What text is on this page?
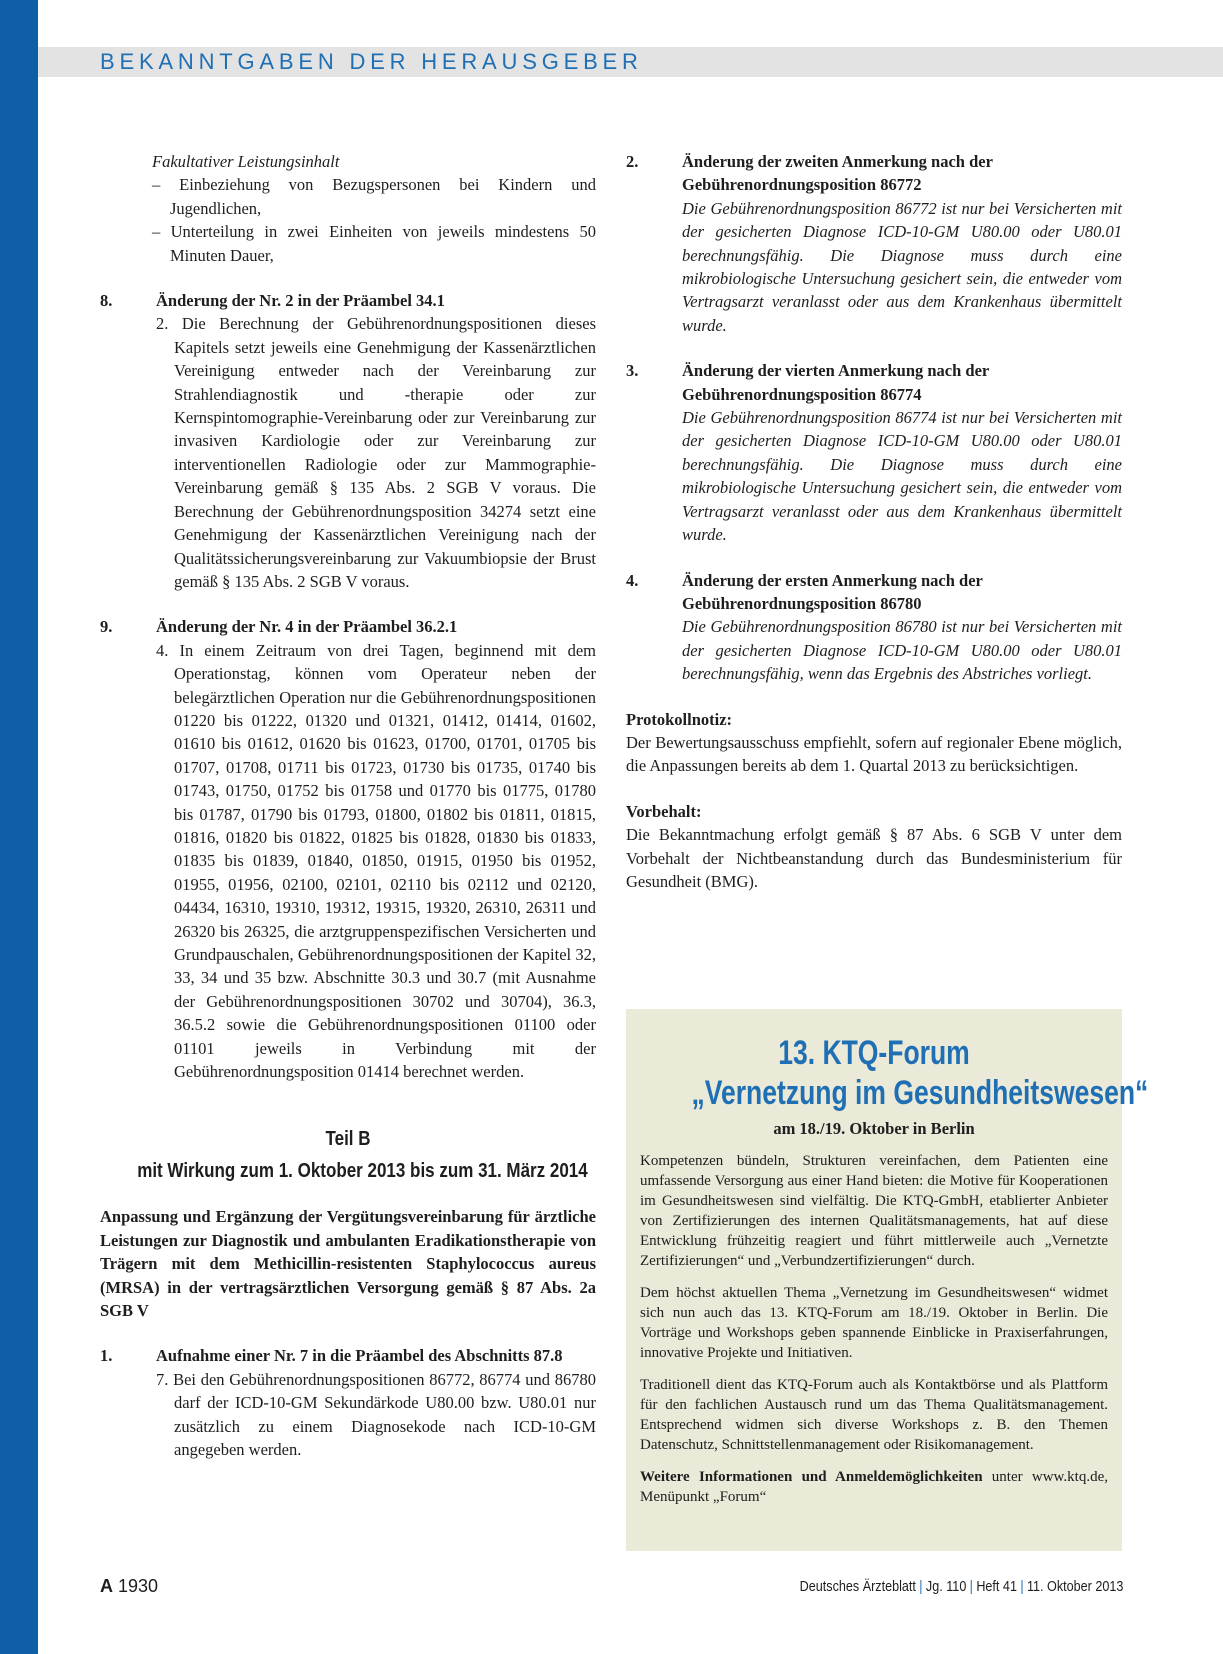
BEKANNTGABEN DER HERAUSGEBER
Fakultativer Leistungsinhalt
– Einbeziehung von Bezugspersonen bei Kindern und Jugendlichen,
– Unterteilung in zwei Einheiten von jeweils mindestens 50 Minuten Dauer,
8.	Änderung der Nr. 2 in der Präambel 34.1
2. Die Berechnung der Gebührenordnungspositionen dieses Kapitels setzt jeweils eine Genehmigung der Kassenärztlichen Vereinigung entweder nach der Vereinbarung zur Strahlendiagnostik und -therapie oder zur Kernspintomographie-Vereinbarung oder zur Vereinbarung zur invasiven Kardiologie oder zur Vereinbarung zur interventionellen Radiologie oder zur Mammographie-Vereinbarung gemäß § 135 Abs. 2 SGB V voraus. Die Berechnung der Gebührenordnungsposition 34274 setzt eine Genehmigung der Kassenärztlichen Vereinigung nach der Qualitätssicherungsvereinbarung zur Vakuumbiopsie der Brust gemäß § 135 Abs. 2 SGB V voraus.
9.	Änderung der Nr. 4 in der Präambel 36.2.1
4. In einem Zeitraum von drei Tagen, beginnend mit dem Operationstag, können vom Operateur neben der belegärztlichen Operation nur die Gebührenordnungspositionen 01220 bis 01222, 01320 und 01321, 01412, 01414, 01602, 01610 bis 01612, 01620 bis 01623, 01700, 01701, 01705 bis 01707, 01708, 01711 bis 01723, 01730 bis 01735, 01740 bis 01743, 01750, 01752 bis 01758 und 01770 bis 01775, 01780 bis 01787, 01790 bis 01793, 01800, 01802 bis 01811, 01815, 01816, 01820 bis 01822, 01825 bis 01828, 01830 bis 01833, 01835 bis 01839, 01840, 01850, 01915, 01950 bis 01952, 01955, 01956, 02100, 02101, 02110 bis 02112 und 02120, 04434, 16310, 19310, 19312, 19315, 19320, 26310, 26311 und 26320 bis 26325, die arztgruppenspezifischen Versicherten und Grundpauschalen, Gebührenordnungspositionen der Kapitel 32, 33, 34 und 35 bzw. Abschnitte 30.3 und 30.7 (mit Ausnahme der Gebührenordnungspositionen 30702 und 30704), 36.3, 36.5.2 sowie die Gebührenordnungspositionen 01100 oder 01101 jeweils in Verbindung mit der Gebührenordnungsposition 01414 berechnet werden.
Teil B
mit Wirkung zum 1. Oktober 2013 bis zum 31. März 2014
Anpassung und Ergänzung der Vergütungsvereinbarung für ärztliche Leistungen zur Diagnostik und ambulanten Eradikationstherapie von Trägern mit dem Methicillin-resistenten Staphylococcus aureus (MRSA) in der vertragsärztlichen Versorgung gemäß § 87 Abs. 2a SGB V
1.	Aufnahme einer Nr. 7 in die Präambel des Abschnitts 87.8
7. Bei den Gebührenordnungspositionen 86772, 86774 und 86780 darf der ICD-10-GM Sekundärkode U80.00 bzw. U80.01 nur zusätzlich zu einem Diagnosekode nach ICD-10-GM angegeben werden.
2.	Änderung der zweiten Anmerkung nach der Gebührenordnungsposition 86772
Die Gebührenordnungsposition 86772 ist nur bei Versicherten mit der gesicherten Diagnose ICD-10-GM U80.00 oder U80.01 berechnungsfähig. Die Diagnose muss durch eine mikrobiologische Untersuchung gesichert sein, die entweder vom Vertragsarzt veranlasst oder aus dem Krankenhaus übermittelt wurde.
3.	Änderung der vierten Anmerkung nach der Gebührenordnungsposition 86774
Die Gebührenordnungsposition 86774 ist nur bei Versicherten mit der gesicherten Diagnose ICD-10-GM U80.00 oder U80.01 berechnungsfähig. Die Diagnose muss durch eine mikrobiologische Untersuchung gesichert sein, die entweder vom Vertragsarzt veranlasst oder aus dem Krankenhaus übermittelt wurde.
4.	Änderung der ersten Anmerkung nach der Gebührenordnungsposition 86780
Die Gebührenordnungsposition 86780 ist nur bei Versicherten mit der gesicherten Diagnose ICD-10-GM U80.00 oder U80.01 berechnungsfähig, wenn das Ergebnis des Abstriches vorliegt.
Protokollnotiz:
Der Bewertungsausschuss empfiehlt, sofern auf regionaler Ebene möglich, die Anpassungen bereits ab dem 1. Quartal 2013 zu berücksichtigen.
Vorbehalt:
Die Bekanntmachung erfolgt gemäß § 87 Abs. 6 SGB V unter dem Vorbehalt der Nichtbeanstandung durch das Bundesministerium für Gesundheit (BMG).
13. KTQ-Forum
„Vernetzung im Gesundheitswesen“
am 18./19. Oktober in Berlin

Kompetenzen bündeln, Strukturen vereinfachen, dem Patienten eine umfassende Versorgung aus einer Hand bieten: die Motive für Kooperationen im Gesundheitswesen sind vielfältig. Die KTQ-GmbH, etablierter Anbieter von Zertifizierungen des internen Qualitätsmanagements, hat auf diese Entwicklung frühzeitig reagiert und führt mittlerweile auch „Vernetzte Zertifizierungen“ und „Verbundzertifizierungen“ durch.

Dem höchst aktuellen Thema „Vernetzung im Gesundheitswesen“ widmet sich nun auch das 13. KTQ-Forum am 18./19. Oktober in Berlin. Die Vorträge und Workshops geben spannende Einblicke in Praxiserfahrungen, innovative Projekte und Initiativen.

Traditionell dient das KTQ-Forum auch als Kontaktbörse und als Plattform für den fachlichen Austausch rund um das Thema Qualitätsmanagement. Entsprechend widmen sich diverse Workshops z. B. den Themen Datenschutz, Schnittstellenmanagement oder Risikomanagement.

Weitere Informationen und Anmeldemöglichkeiten unter www.ktq.de, Menüpunkt „Forum“

A 1930	Deutsches Ärzteblatt | Jg. 110 | Heft 41 | 11. Oktober 2013
